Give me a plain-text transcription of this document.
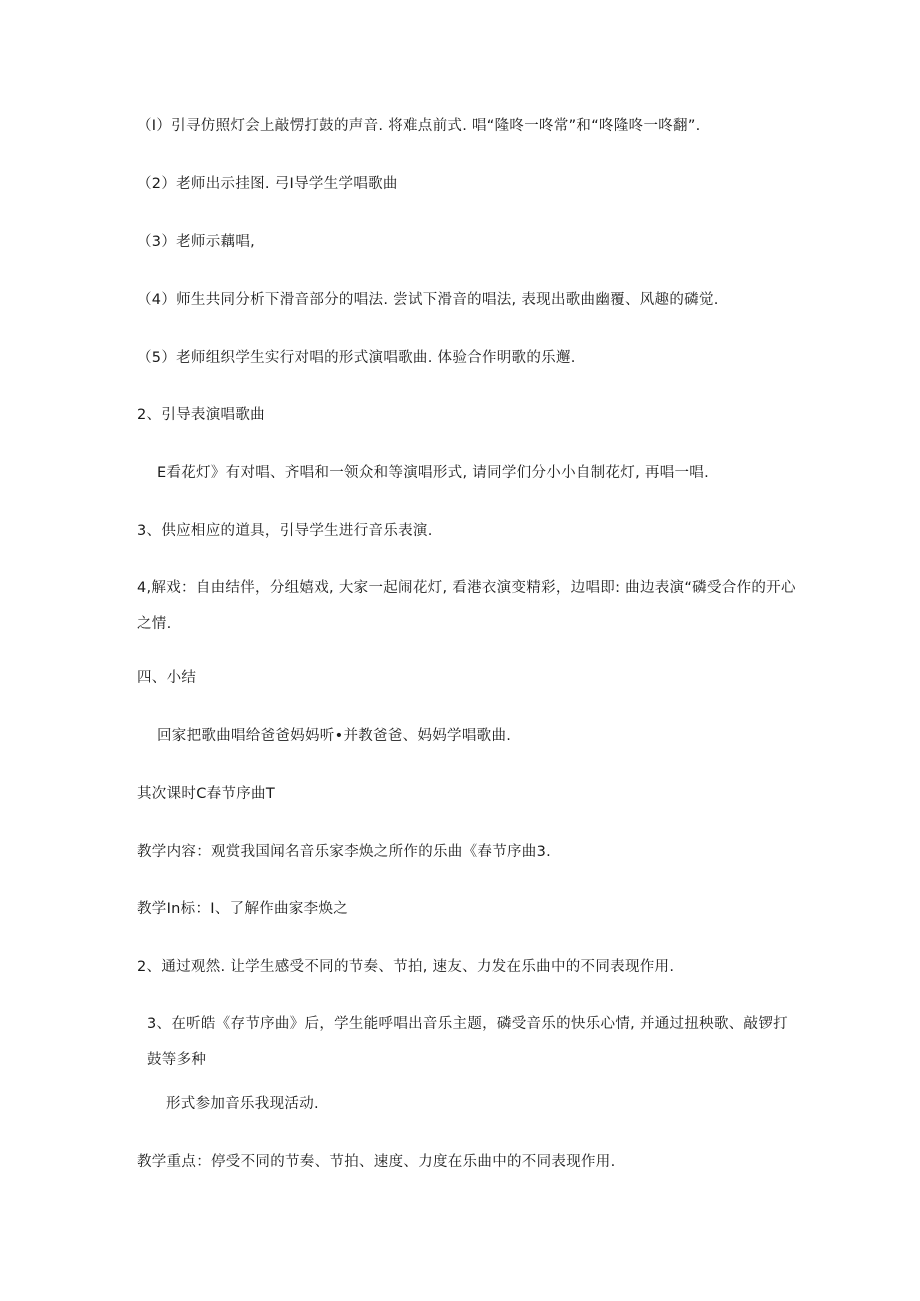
（I）引寻仿照灯会上敲愣打鼓的声音. 将难点前式. 唱“隆咚一咚常”和“咚隆咚一咚翻”.
（2）老师出示挂图. 弓I导学生学唱歌曲
（3）老师示藕唱,
（4）师生共同分析下滑音部分的唱法. 尝试下滑音的唱法, 表现出歌曲幽覆、风趣的磷觉.
（5）老师组织学生实行对唱的形式演唱歌曲. 体验合作明歌的乐邂.
2、引导表演唱歌曲
E看花灯》有对唱、齐唱和一领众和等演唱形式, 请同学们分小小自制花灯, 再唱一唱.
3、供应相应的道具，引导学生进行音乐表演.
4,解戏：自由结伴，分组嬉戏, 大家一起闹花灯, 看港衣演变精彩，边唱即: 曲边表演“磷受合作的开心之情.
四、小结
回家把歌曲唱给爸爸妈妈听•并教爸爸、妈妈学唱歌曲.
其次课时C春节序曲T
教学内容：观赏我国闻名音乐家李焕之所作的乐曲《春节序曲3.
教学In标：I、了解作曲家李焕之
2、通过观然. 让学生感受不同的节奏、节拍, 速友、力发在乐曲中的不同表现作用.
3、在听皓《存节序曲》后，学生能呼唱出音乐主题，磷受音乐的快乐心情, 并通过扭秧歌、敲锣打鼓等多种
形式参加音乐我现活动.
教学重点：停受不同的节奏、节拍、速度、力度在乐曲中的不同表现作用.
